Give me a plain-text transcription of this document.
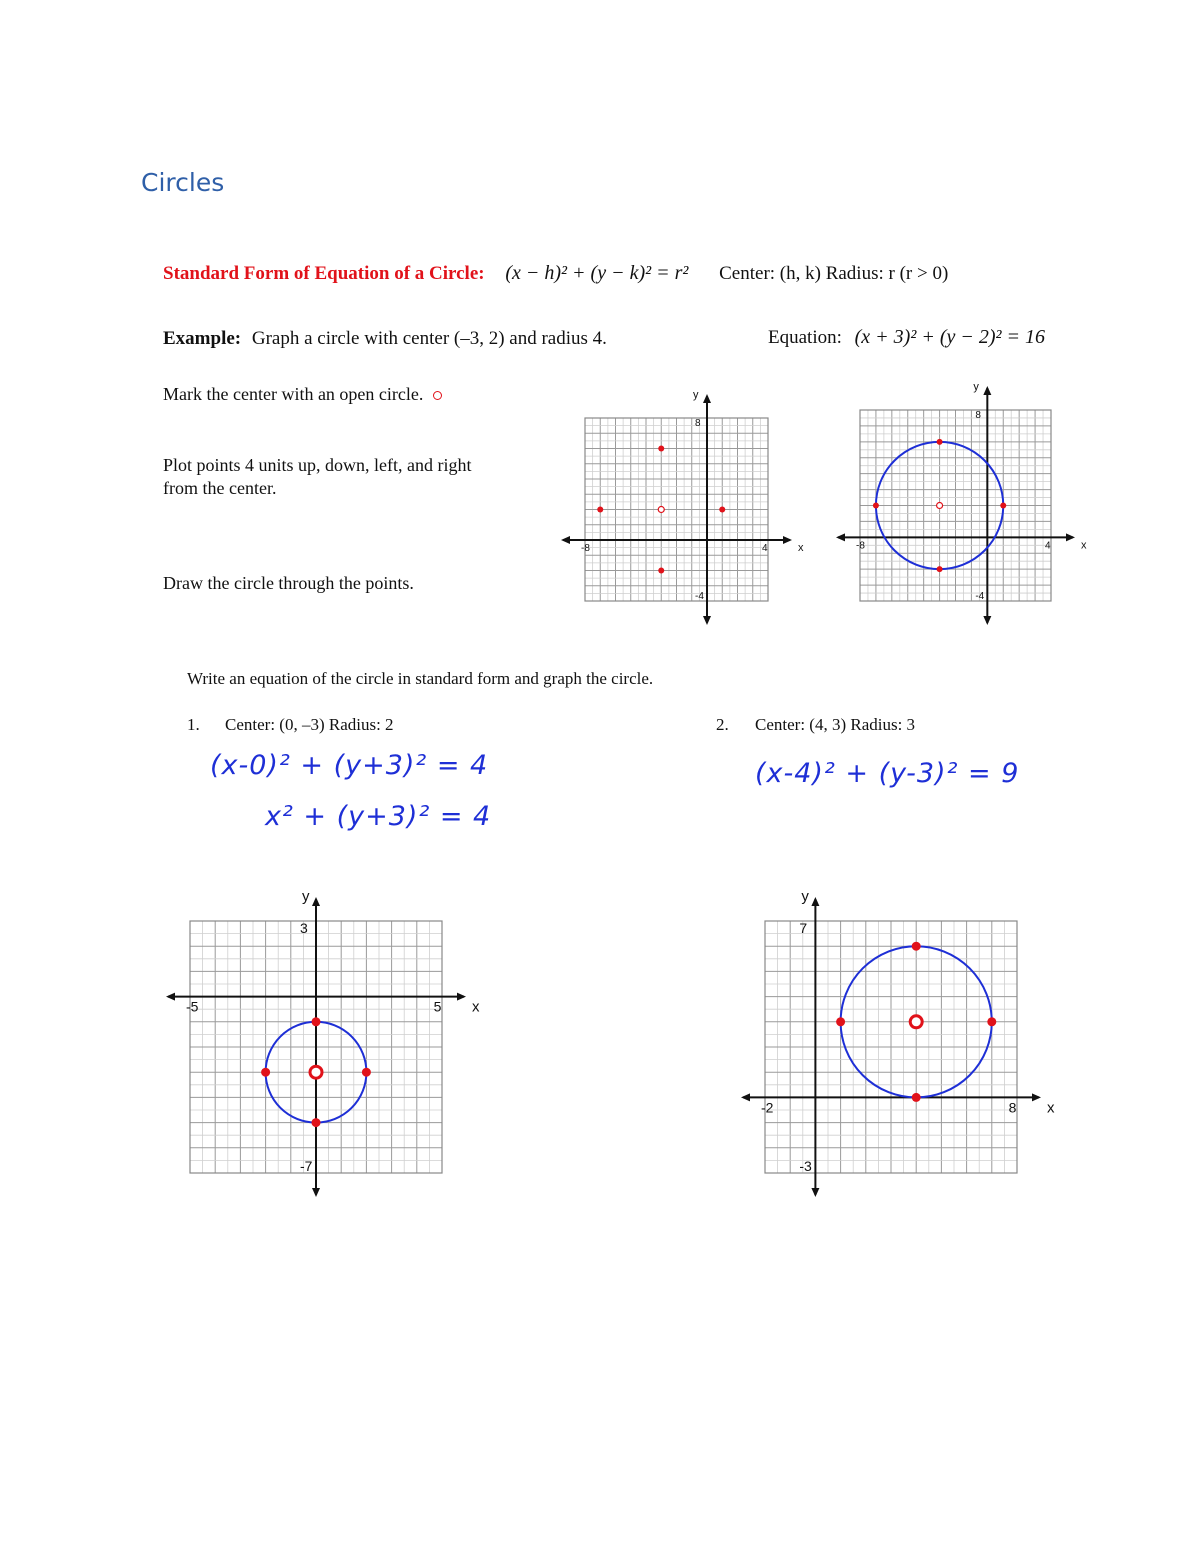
Circles
Standard Form of Equation of a Circle: (x − h)² + (y − k)² = r² Center: (h, k) Radius: r (r > 0)
Example: Graph a circle with center (–3, 2) and radius 4.	Equation: (x + 3)² + (y − 2)² = 16
Mark the center with an open circle.
Plot points 4 units up, down, left, and right
from the center.
Draw the circle through the points.
Write an equation of the circle in standard form and graph the circle.
1. Center: (0, –3) Radius: 2	2. Center: (4, 3) Radius: 3
(x-0)² + (y+3)² = 4
x² + (y+3)² = 4
(x-4)² + (y-3)² = 9
x
y
-8	4
8
-4
x
y
-8	4
8
-4
x
y
-5	5
3
-7
x
y
-2	8
7
-3
